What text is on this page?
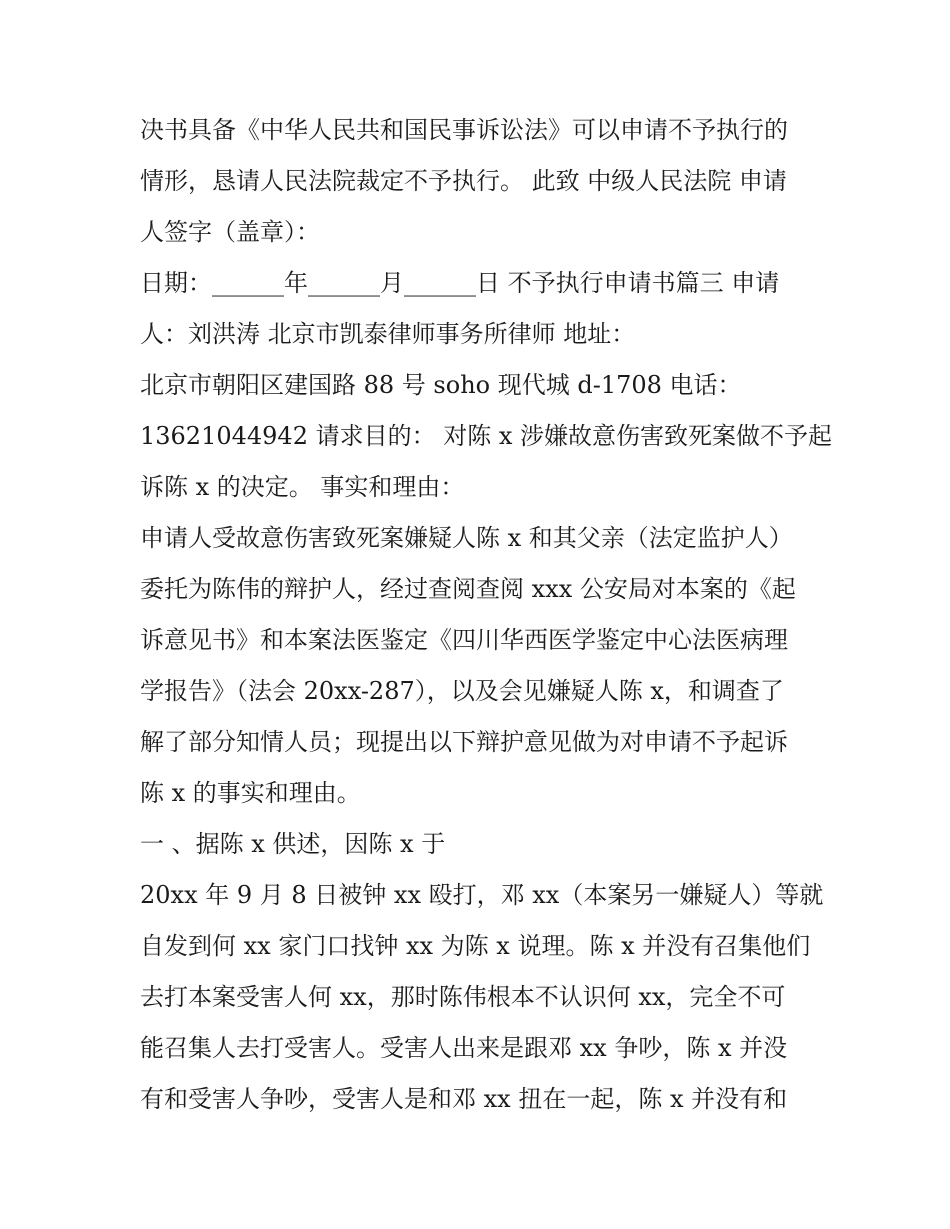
决书具备《中华人民共和国民事诉讼法》可以申请不予执行的

情形，恳请人民法院裁定不予执行。 此致 中级人民法院 申请

人签字（盖章）：

日期：______年______月______日 不予执行申请书篇三 申请

人：刘洪涛 北京市凯泰律师事务所律师 地址：

北京市朝阳区建国路 88 号 soho 现代城 d-1708 电话：

13621044942 请求目的： 对陈 x 涉嫌故意伤害致死案做不予起

诉陈 x 的决定。 事实和理由：

申请人受故意伤害致死案嫌疑人陈 x 和其父亲（法定监护人）

委托为陈伟的辩护人，经过查阅查阅 xxx 公安局对本案的《起

诉意见书》和本案法医鉴定《四川华西医学鉴定中心法医病理

学报告》（法会 20xx-287），以及会见嫌疑人陈 x，和调查了

解了部分知情人员；现提出以下辩护意见做为对申请不予起诉

陈 x 的事实和理由。

一 、据陈 x 供述，因陈 x 于

20xx 年 9 月 8 日被钟 xx 殴打，邓 xx（本案另一嫌疑人）等就

自发到何 xx 家门口找钟 xx 为陈 x 说理。陈 x 并没有召集他们

去打本案受害人何 xx，那时陈伟根本不认识何 xx，完全不可

能召集人去打受害人。受害人出来是跟邓 xx 争吵，陈 x 并没

有和受害人争吵，受害人是和邓 xx 扭在一起，陈 x 并没有和
